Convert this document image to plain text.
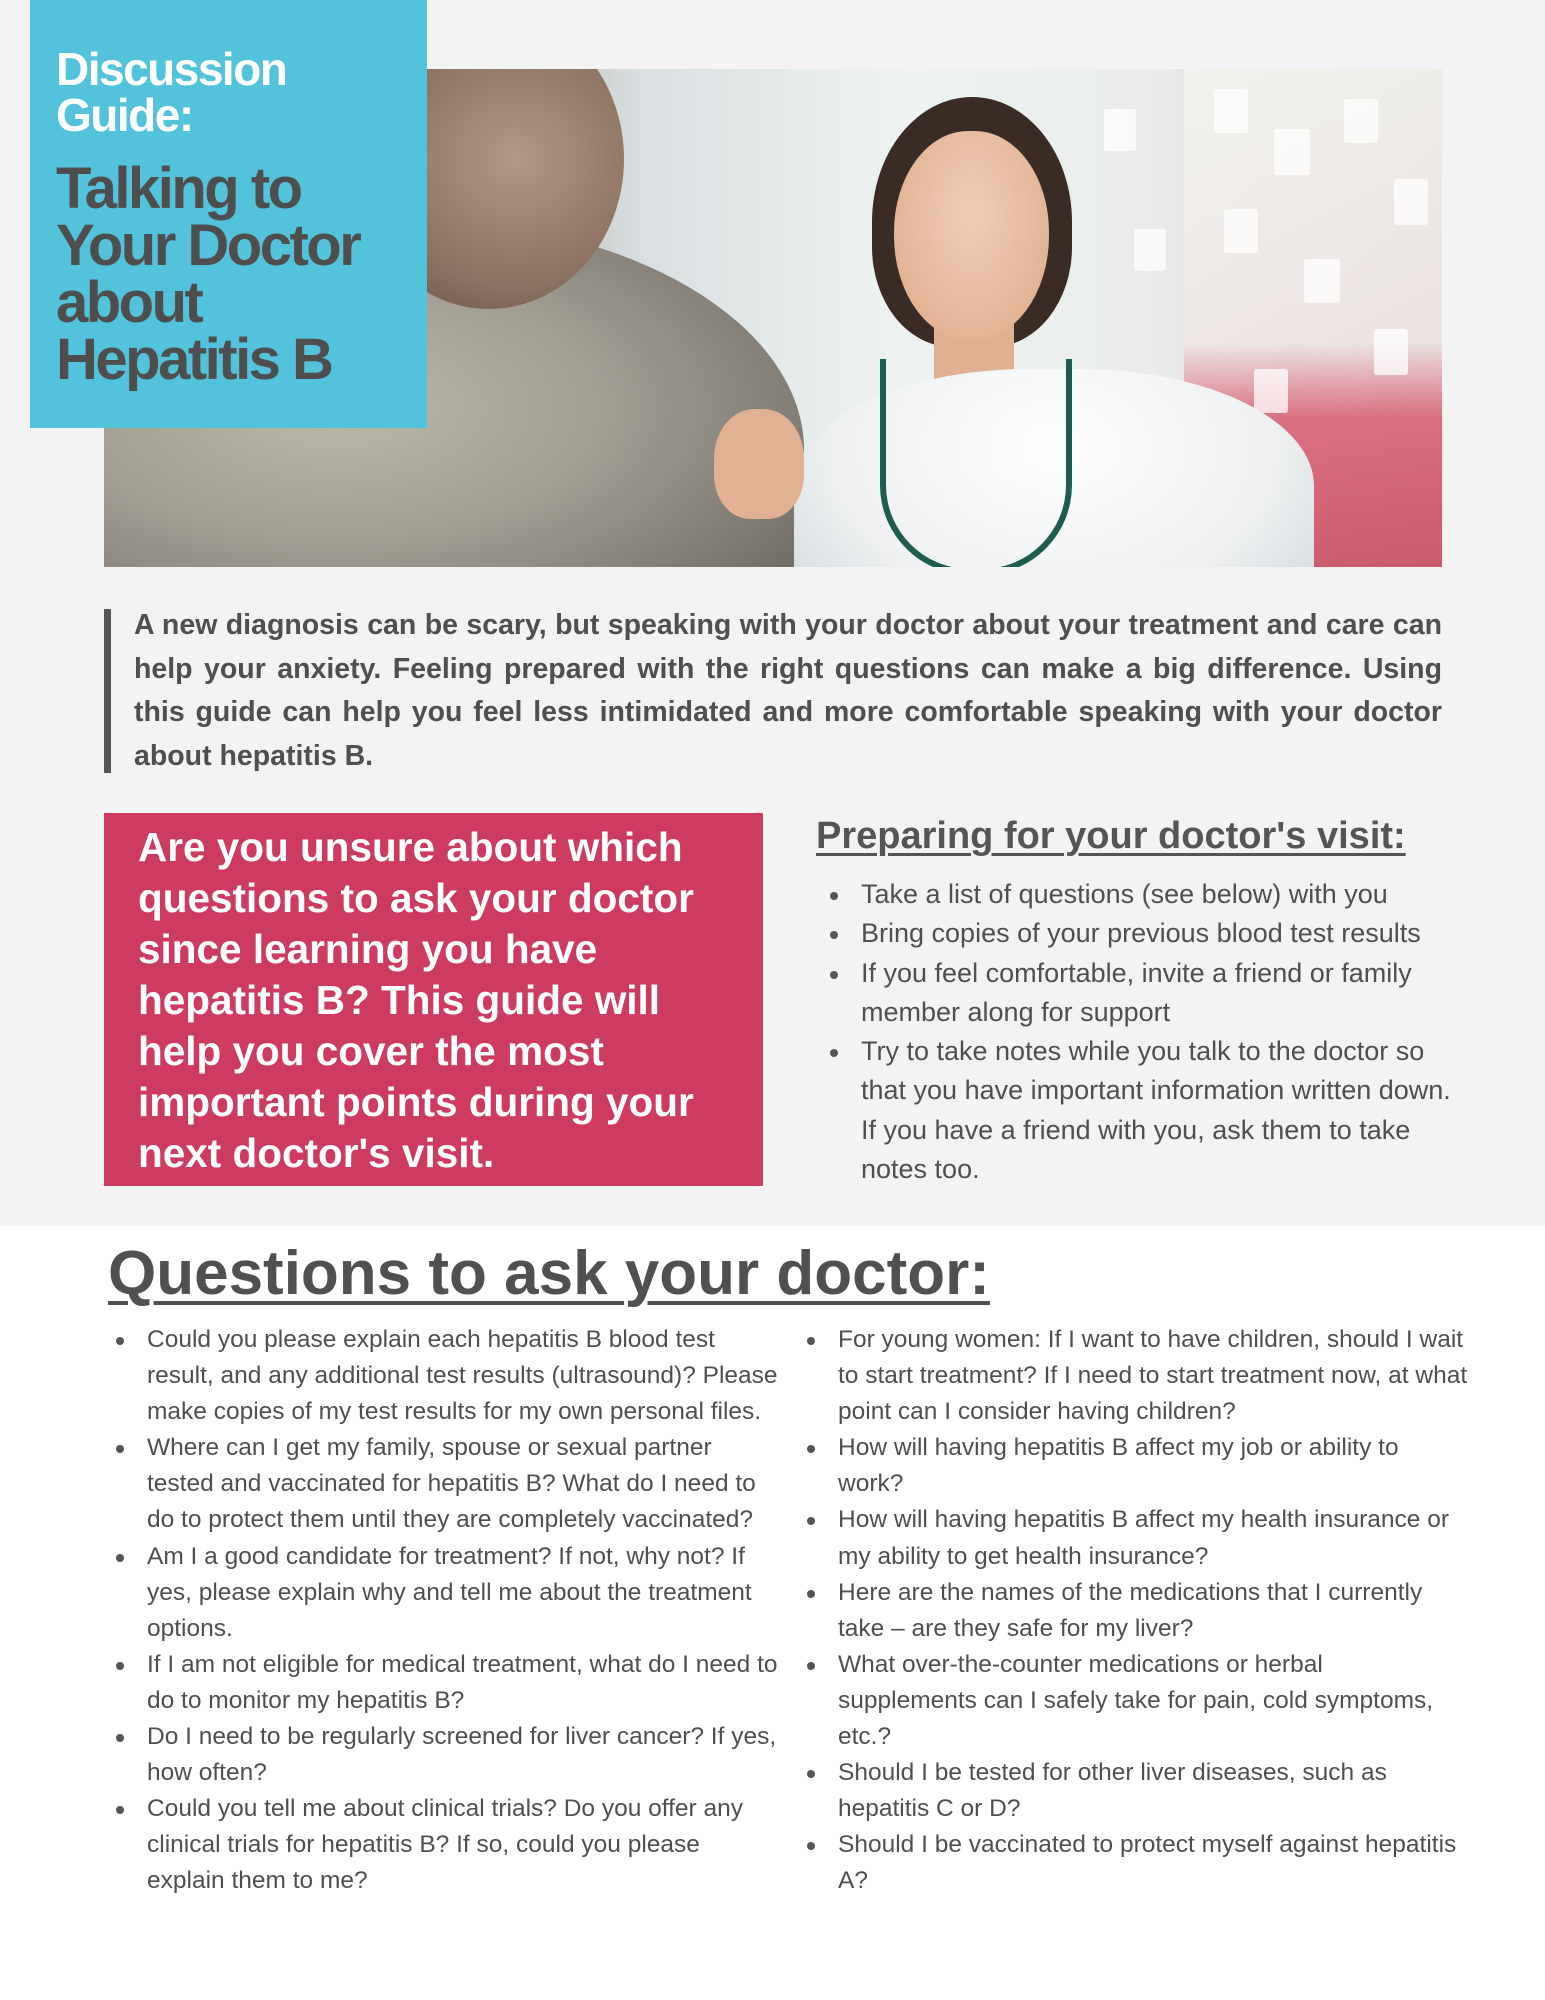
Discussion Guide:
Talking to Your Doctor about Hepatitis B

A new diagnosis can be scary, but speaking with your doctor about your treatment and care can help your anxiety. Feeling prepared with the right questions can make a big difference. Using this guide can help you feel less intimidated and more comfortable speaking with your doctor about hepatitis B.

Are you unsure about which questions to ask your doctor since learning you have hepatitis B? This guide will help you cover the most important points during your next doctor's visit.

Preparing for your doctor's visit:
Take a list of questions (see below) with you
Bring copies of your previous blood test results
If you feel comfortable, invite a friend or family member along for support
Try to take notes while you talk to the doctor so that you have important information written down. If you have a friend with you, ask them to take notes too.
Questions to ask your doctor:
Could you please explain each hepatitis B blood test result, and any additional test results (ultrasound)? Please make copies of my test results for my own personal files.
Where can I get my family, spouse or sexual partner tested and vaccinated for hepatitis B? What do I need to do to protect them until they are completely vaccinated?
Am I a good candidate for treatment? If not, why not? If yes, please explain why and tell me about the treatment options.
If I am not eligible for medical treatment, what do I need to do to monitor my hepatitis B?
Do I need to be regularly screened for liver cancer? If yes, how often?
Could you tell me about clinical trials? Do you offer any clinical trials for hepatitis B? If so, could you please explain them to me?
For young women: If I want to have children, should I wait to start treatment? If I need to start treatment now, at what point can I consider having children?
How will having hepatitis B affect my job or ability to work?
How will having hepatitis B affect my health insurance or my ability to get health insurance?
Here are the names of the medications that I currently take – are they safe for my liver?
What over-the-counter medications or herbal supplements can I safely take for pain, cold symptoms, etc.?
Should I be tested for other liver diseases, such as hepatitis C or D?
Should I be vaccinated to protect myself against hepatitis A?
